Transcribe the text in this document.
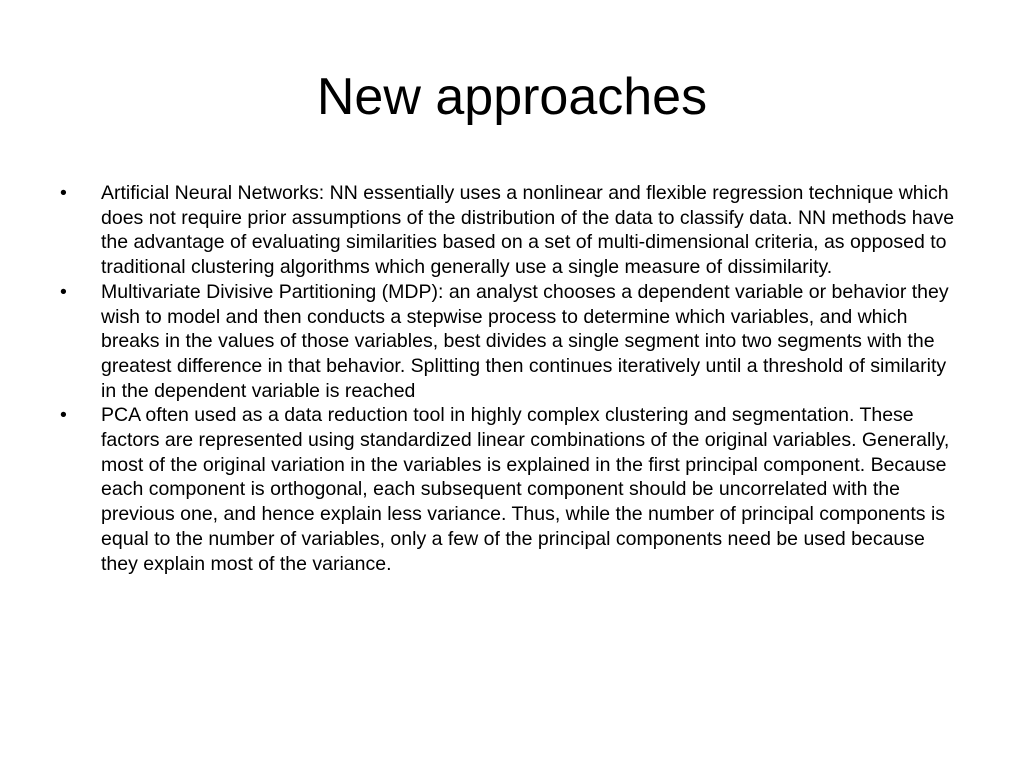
New approaches
•	Artificial Neural Networks: NN essentially uses a nonlinear and flexible regression technique which does not require prior assumptions of the distribution of the data to classify data. NN methods have the advantage of evaluating similarities based on a set of multi-dimensional criteria, as opposed to traditional clustering algorithms which generally use a single measure of dissimilarity.
•	Multivariate Divisive Partitioning (MDP): an analyst chooses a dependent variable or behavior they wish to model and then conducts a stepwise process to determine which variables, and which breaks in the values of those variables, best divides a single segment into two segments with the greatest difference in that behavior. Splitting then continues iteratively until a threshold of similarity in the dependent variable is reached
•	PCA often used as a data reduction tool in highly complex clustering and segmentation. These factors are represented using standardized linear combinations of the original variables. Generally, most of the original variation in the variables is explained in the first principal component. Because each component is orthogonal, each subsequent component should be uncorrelated with the previous one, and hence explain less variance. Thus, while the number of principal components is equal to the number of variables, only a few of the principal components need be used because they explain most of the variance.
